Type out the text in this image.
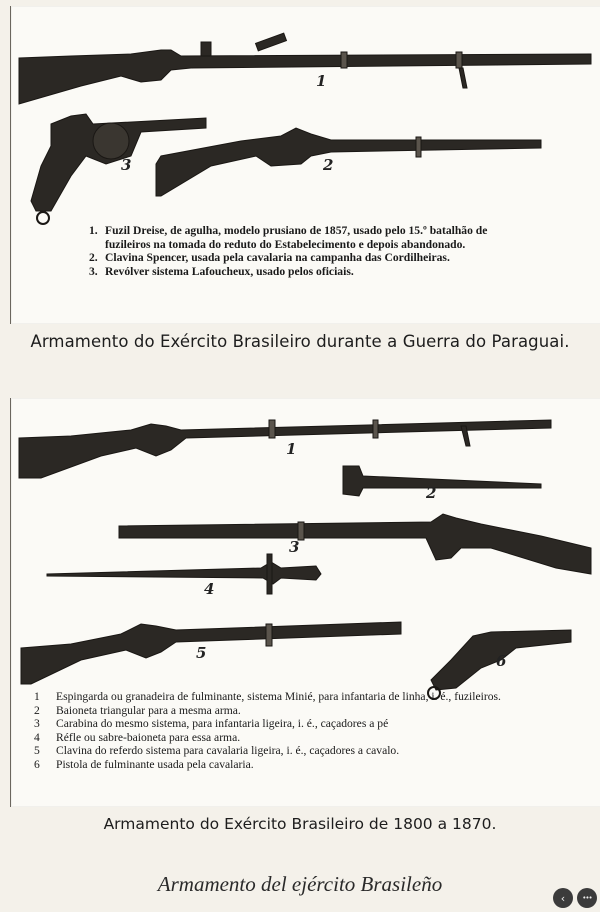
1
2
3
1. Fuzil Dreise, de agulha, modelo prusiano de 1857, usado pelo 15.º batalhão de fuzileiros na tomada do reduto do Estabelecimento e depois abandonado.
2. Clavina Spencer, usada pela cavalaria na campanha das Cordilheiras.
3. Revólver sistema Lafoucheux, usado pelos oficiais.
Armamento do Exército Brasileiro durante a Guerra do Paraguai.
1
2
3
4
5	6
1	Espingarda ou granadeira de fulminante, sistema Minié, para infantaria de linha, i. é., fuzileiros.
2	Baioneta triangular para a mesma arma.
3	Carabina do mesmo sistema, para infantaria ligeira, i. é., caçadores a pé
4	Réfle ou sabre-baioneta para essa arma.
5	Clavina do referdo sistema para cavalaria ligeira, i. é., caçadores a cavalo.
6	Pistola de fulminante usada pela cavalaria.
Armamento do Exército Brasileiro de 1800 a 1870.
Armamento del ejército Brasileño
‹ •••
